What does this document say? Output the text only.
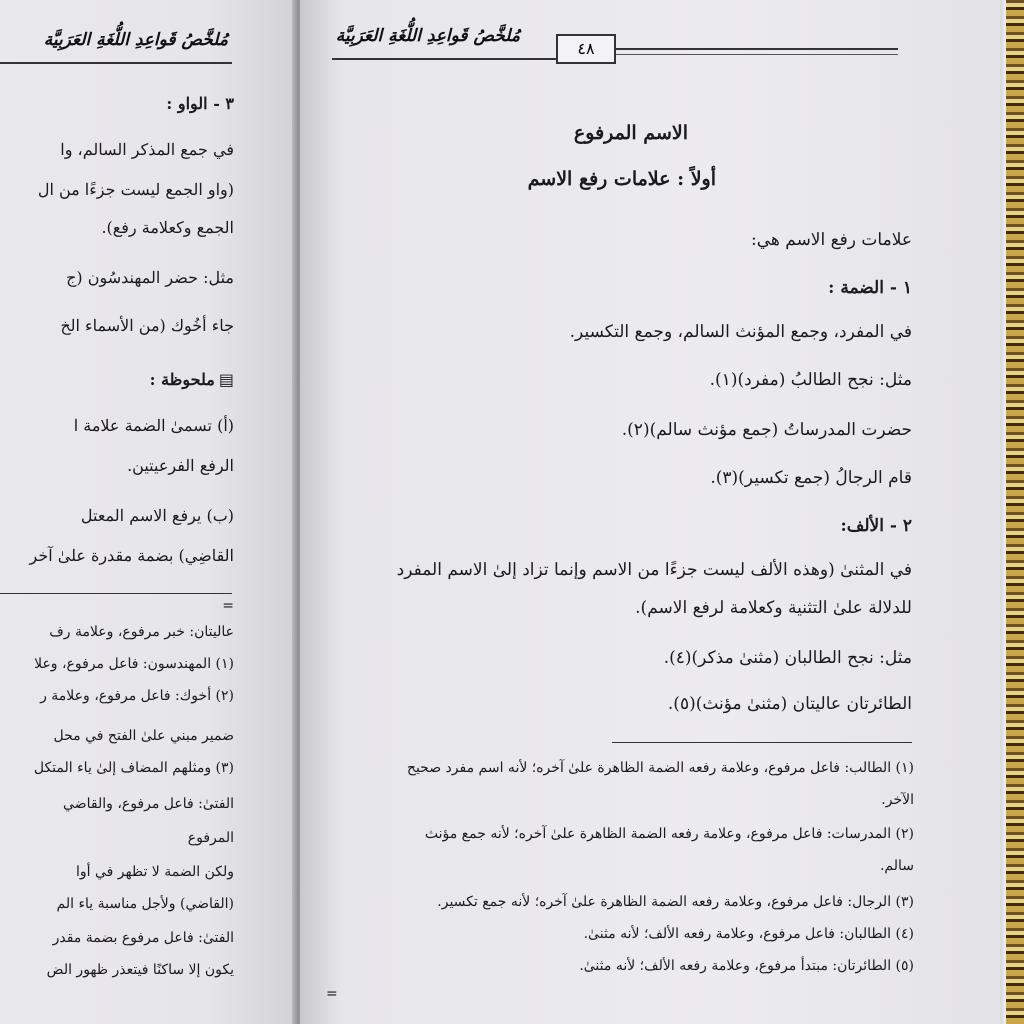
مُلخَّصُ قَواعِدِ اللُّغَةِ العَرَبِيَّة
٣ - الواو :
في جمع المذكر السالم، وا
(واو الجمع ليست جزءًا من ال
الجمع وكعلامة رفع).
مثل: حضر المهندسُون (ج
جاء أخُوك (من الأسماء الخ
▤ملحوظة :
(أ) تسمىٰ الضمة علامة ا
الرفع الفرعيتين.
(ب) يرفع الاسم المعتل
القاضِي) بضمة مقدرة علىٰ آخر
=
عاليتان: خبر مرفوع، وعلامة رف
(١) المهندسون: فاعل مرفوع، وعلا
(٢) أخوك: فاعل مرفوع، وعلامة ر
ضمير مبني علىٰ الفتح في محل
(٣) ومثلهم المضاف إلىٰ ياء المتكل
الفتىٰ: فاعل مرفوع، والقاضي
المرفوع
ولكن الضمة لا تظهر في أوا
(القاضي) ولأجل مناسبة ياء الم
الفتىٰ: فاعل مرفوع بضمة مقدر
يكون إلا ساكنًا فيتعذر ظهور الض
مُلخَّصُ قَواعِدِ اللُّغَةِ العَرَبِيَّة
الاسم المرفوع
أولاً : علامات رفع الاسم
علامات رفع الاسم هي:
١ - الضمة :
في المفرد، وجمع المؤنث السالم، وجمع التكسير.
مثل: نجح الطالبُ (مفرد)(١).
حضرت المدرساتُ (جمع مؤنث سالم)(٢).
قام الرجالُ (جمع تكسير)(٣).
٢ - الألف:
في المثنىٰ (وهذه الألف ليست جزءًا من الاسم وإنما تزاد إلىٰ الاسم المفرد
للدلالة علىٰ التثنية وكعلامة لرفع الاسم).
مثل: نجح الطالبان (مثنىٰ مذكر)(٤).
الطائرتان عاليتان (مثنىٰ مؤنث)(٥).
(١) الطالب: فاعل مرفوع، وعلامة رفعه الضمة الظاهرة علىٰ آخره؛ لأنه اسم مفرد صحيح
الآخر.
(٢) المدرسات: فاعل مرفوع، وعلامة رفعه الضمة الظاهرة علىٰ آخره؛ لأنه جمع مؤنث
سالم.
(٣) الرجال: فاعل مرفوع، وعلامة رفعه الضمة الظاهرة علىٰ آخره؛ لأنه جمع تكسير.
(٤) الطالبان: فاعل مرفوع، وعلامة رفعه الألف؛ لأنه مثنىٰ.
(٥) الطائرتان: مبتدأ مرفوع، وعلامة رفعه الألف؛ لأنه مثنىٰ.
=
٤٨
